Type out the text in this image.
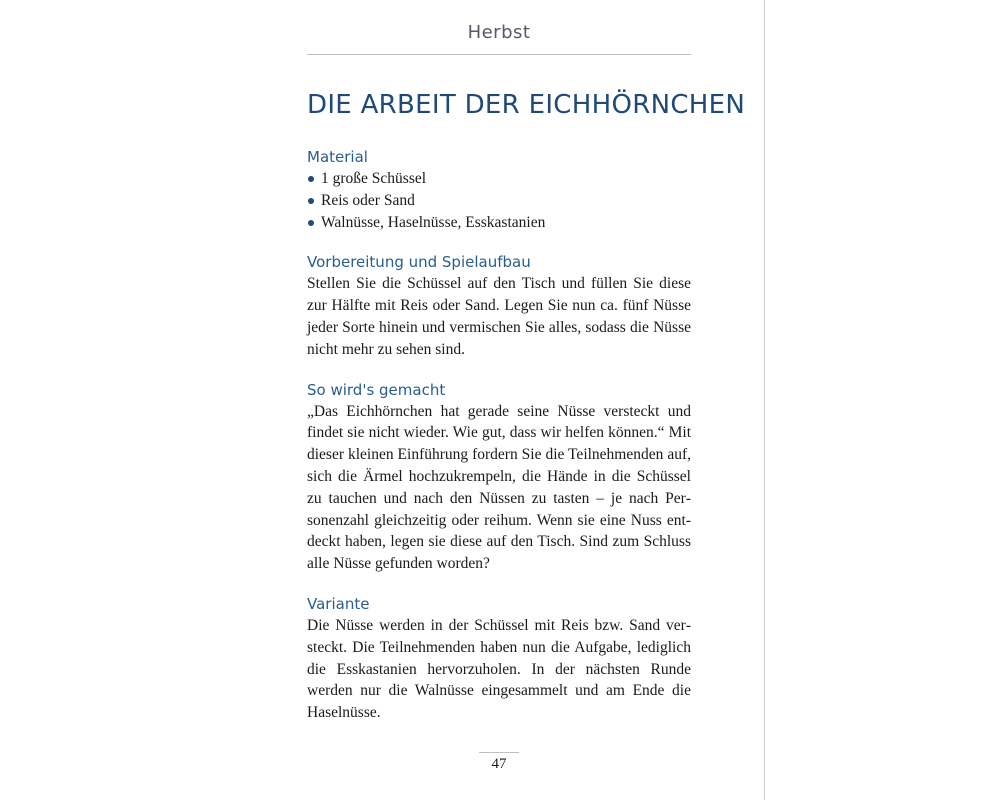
Herbst
DIE ARBEIT DER EICHHÖRNCHEN
Material
1 große Schüssel
Reis oder Sand
Walnüsse, Haselnüsse, Esskastanien
Vorbereitung und Spielaufbau

Stellen Sie die Schüssel auf den Tisch und füllen Sie diese zur Hälfte mit Reis oder Sand. Legen Sie nun ca. fünf Nüsse jeder Sorte hinein und vermischen Sie alles, sodass die Nüsse nicht mehr zu sehen sind.

So wird's gemacht

„Das Eichhörnchen hat gerade seine Nüsse versteckt und findet sie nicht wieder. Wie gut, dass wir helfen können.“ Mit dieser kleinen Einführung fordern Sie die Teilnehmenden auf, sich die Ärmel hochzukrempeln, die Hände in die Schüssel zu tauchen und nach den Nüssen zu tasten – je nach Personenzahl gleichzeitig oder reihum. Wenn sie eine Nuss entdeckt haben, legen sie diese auf den Tisch. Sind zum Schluss alle Nüsse gefunden worden?

Variante

Die Nüsse werden in der Schüssel mit Reis bzw. Sand versteckt. Die Teilnehmenden haben nun die Aufgabe, lediglich die Esskastanien hervorzuholen. In der nächsten Runde werden nur die Walnüsse eingesammelt und am Ende die Haselnüsse.

47
